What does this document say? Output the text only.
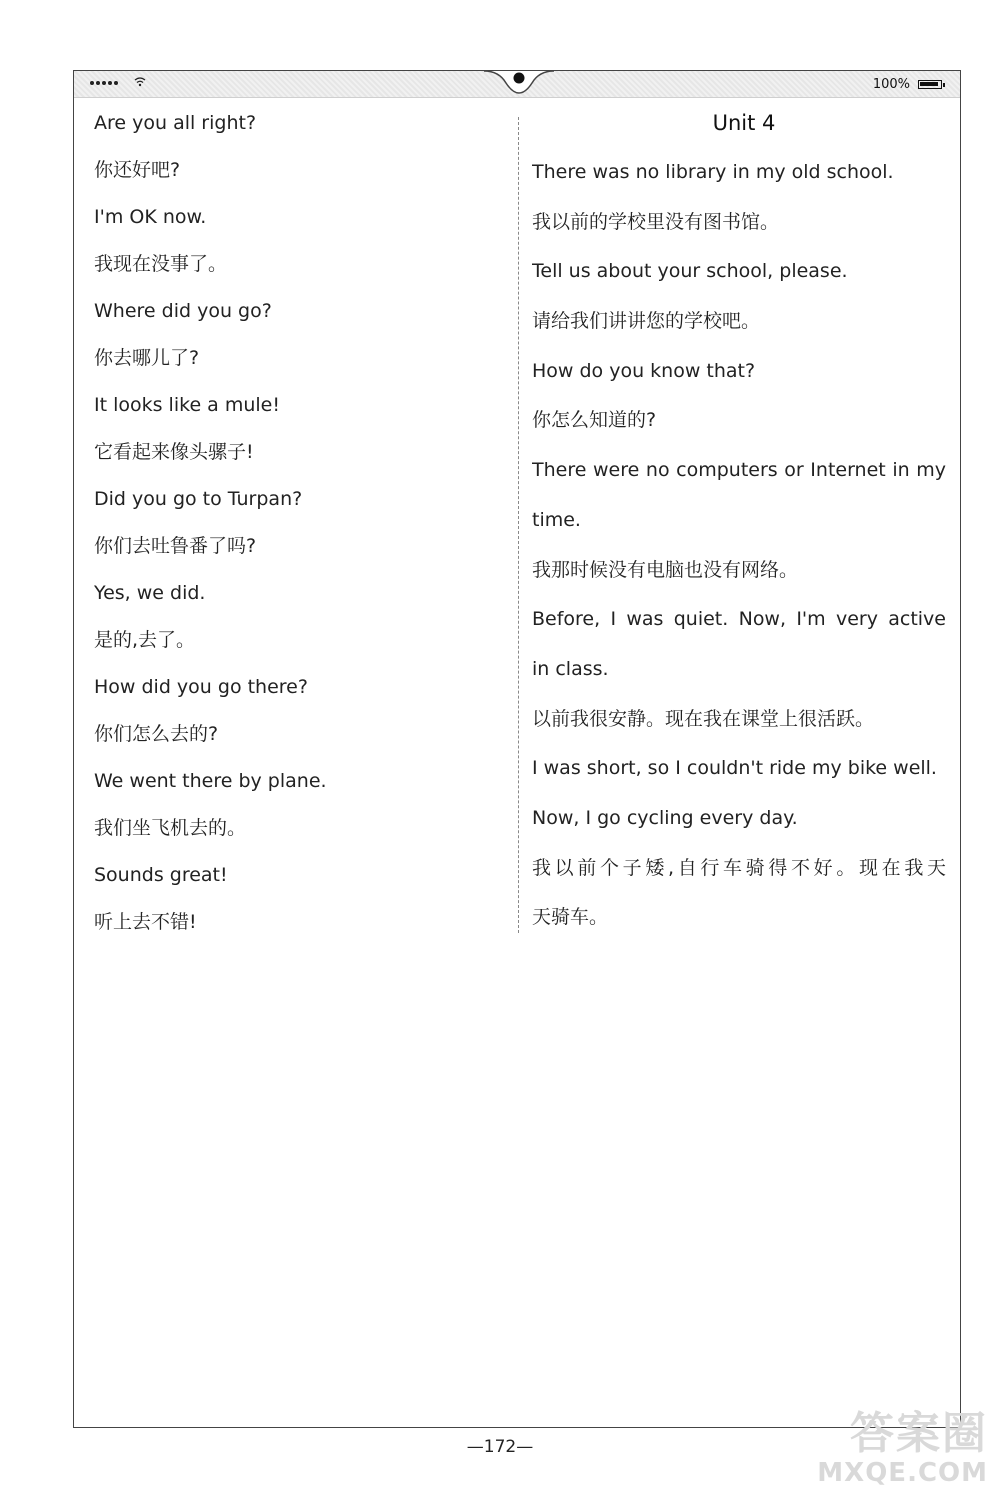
100%
Are you all right?
你还好吧?
I'm OK now.
我现在没事了。
Where did you go?
你去哪儿了?
It looks like a mule!
它看起来像头骡子!
Did you go to Turpan?
你们去吐鲁番了吗?
Yes, we did.
是的,去了。
How did you go there?
你们怎么去的?
We went there by plane.
我们坐飞机去的。
Sounds great!
听上去不错!
Unit 4
There was no library in my old school.
我以前的学校里没有图书馆。
Tell us about your school, please.
请给我们讲讲您的学校吧。
How do you know that?
你怎么知道的?
There were no computers or Internet in my
time.
我那时候没有电脑也没有网络。
Before, I was quiet. Now, I'm very active
in class.
以前我很安静。现在我在课堂上很活跃。
I was short, so I couldn't ride my bike well.
Now, I go cycling every day.
我以前个子矮,自行车骑得不好。现在我天
天骑车。
—172—	答案圈
MXQE.COM
